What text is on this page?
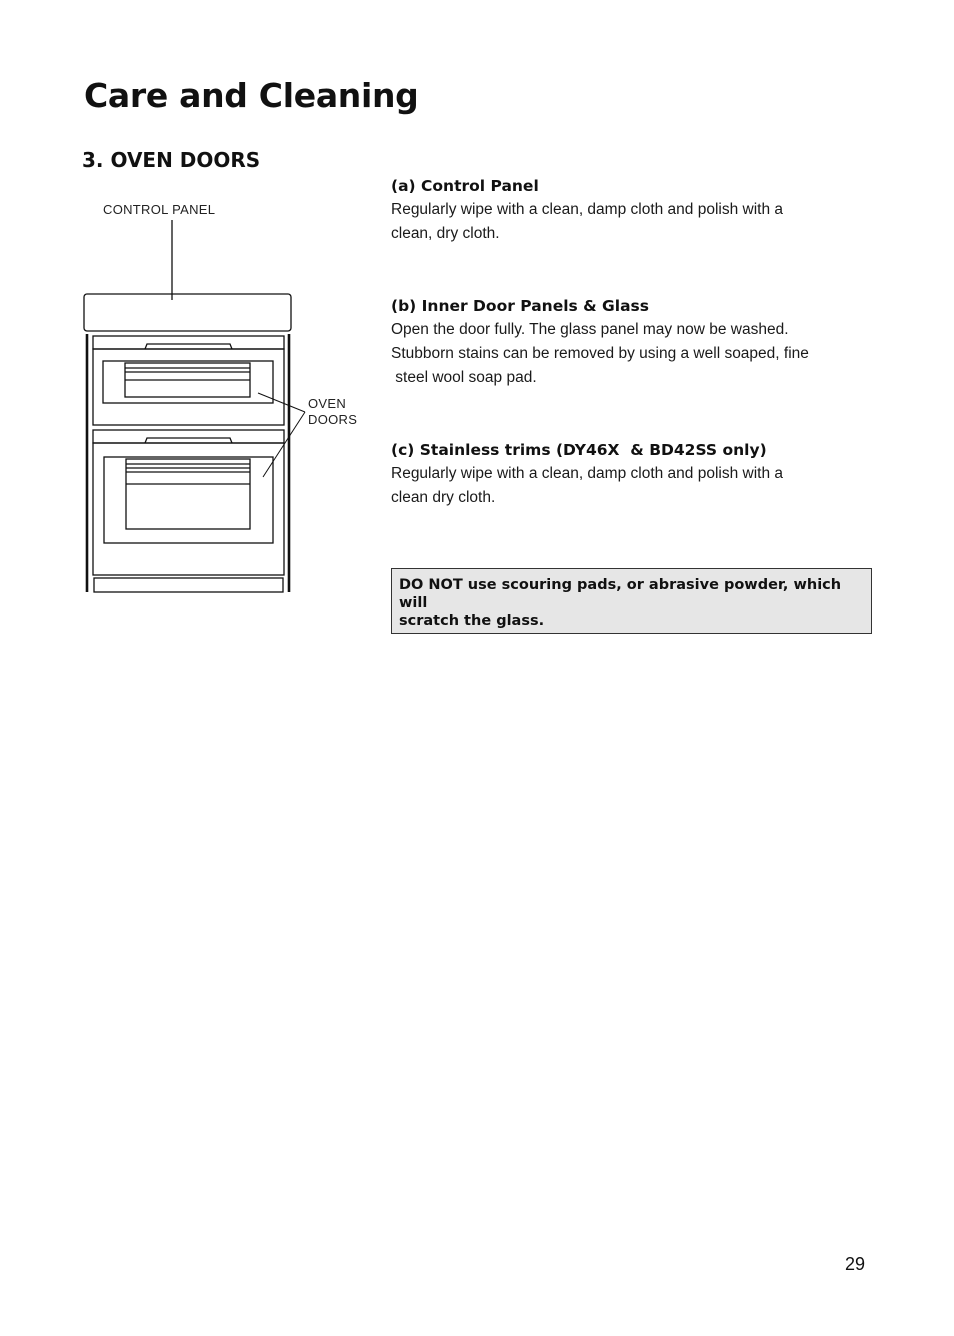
Care and Cleaning
3. OVEN DOORS
CONTROL PANEL
OVEN
DOORS
(a) Control Panel

Regularly wipe with a clean, damp cloth and polish with a

clean, dry cloth.

(b) Inner Door Panels & Glass

Open the door fully. The glass panel may now be washed.

Stubborn stains can be removed by using a well soaped, fine

steel wool soap pad.

(c) Stainless trims (DY46X  & BD42SS only)

Regularly wipe with a clean, damp cloth and polish with a

clean dry cloth.

DO NOT use scouring pads, or abrasive powder, which will
scratch the glass.
29
